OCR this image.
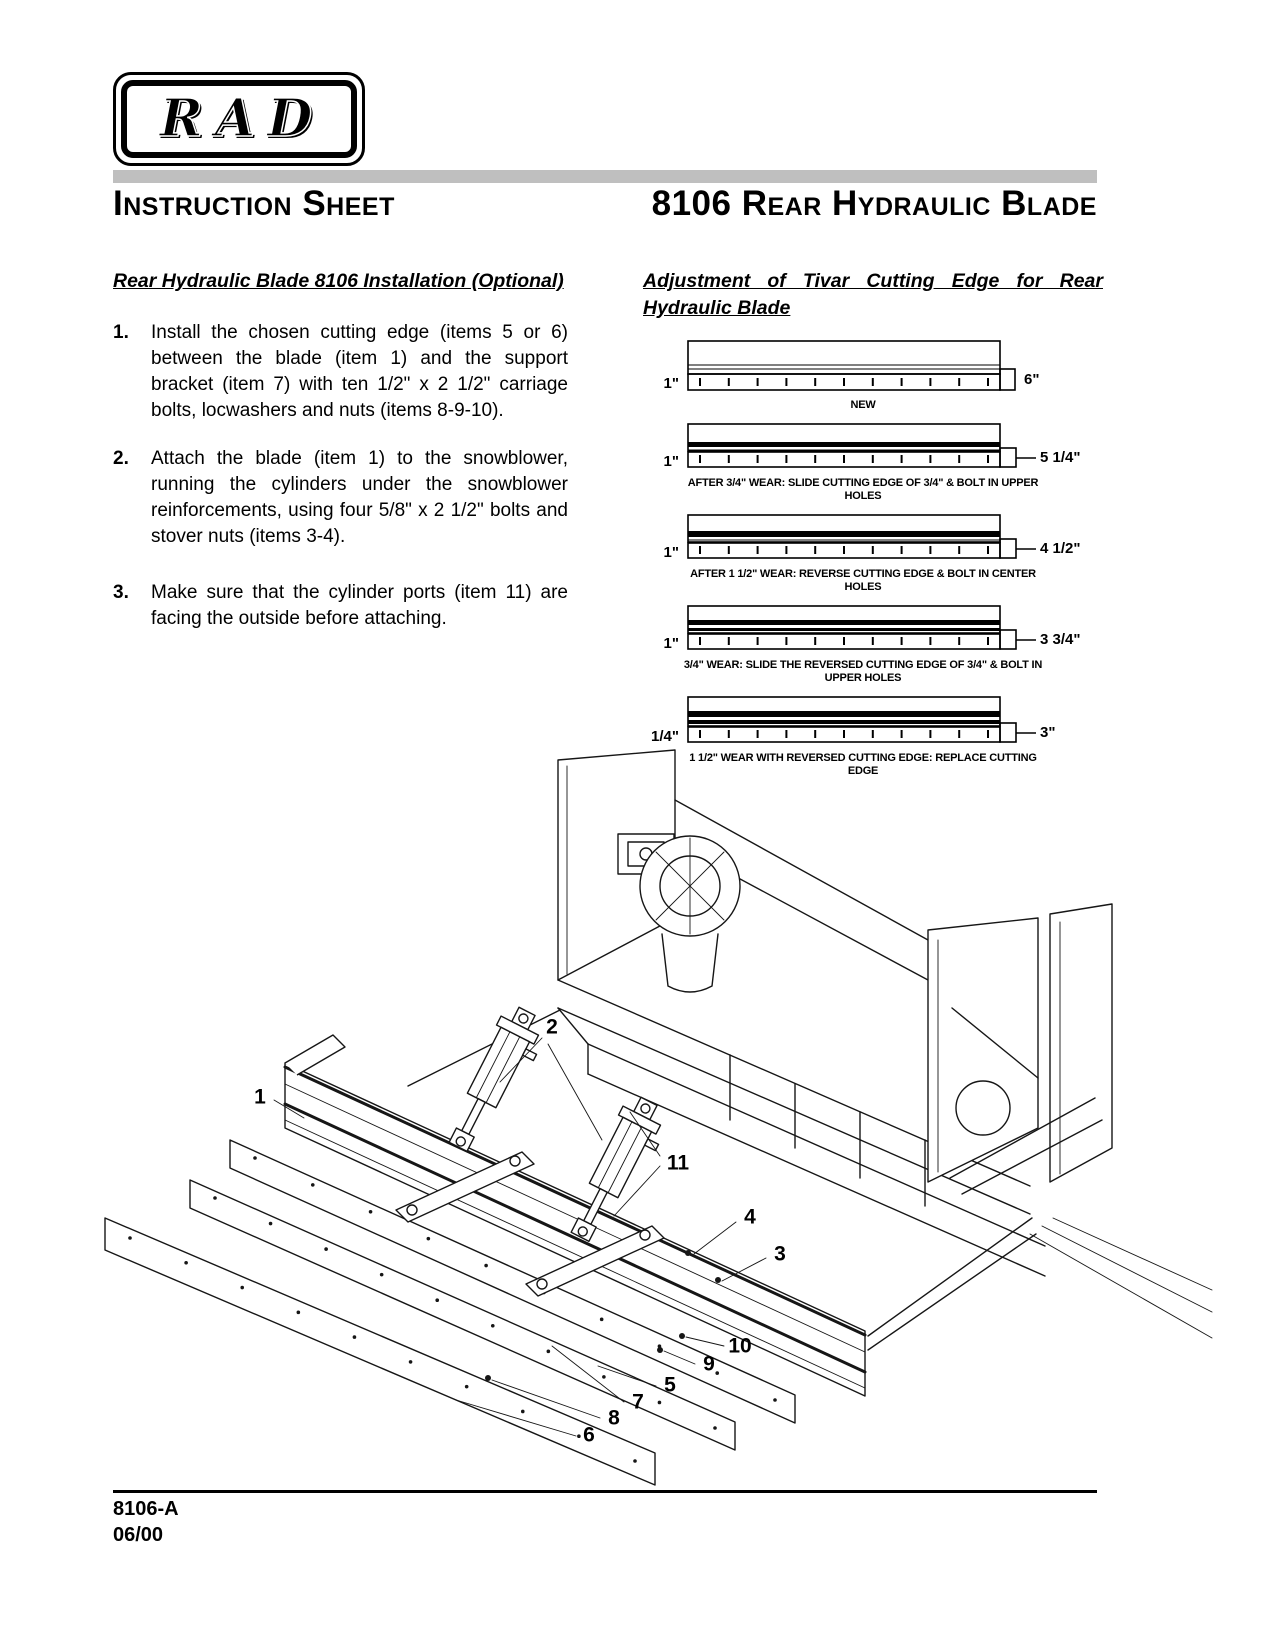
RAD
Instruction Sheet	8106 Rear Hydraulic Blade
Rear Hydraulic Blade 8106 Installation (Optional)
1.	Install the chosen cutting edge (items 5 or 6) between the blade (item 1) and the support bracket (item 7) with ten 1/2" x 2 1/2" carriage bolts, locwashers and nuts (items 8-9-10).
2.	Attach the blade (item 1) to the snowblower, running the cylinders under the snowblower reinforcements, using four 5/8" x 2 1/2" bolts and stover nuts (items 3-4).
3.	Make sure that the cylinder ports (item 11) are facing the outside before attaching.
Adjustment of Tivar Cutting Edge for Rear Hydraulic Blade
1"	6"
NEW
1"	5 1/4"
AFTER 3/4" WEAR: SLIDE CUTTING EDGE OF 3/4" & BOLT IN UPPER HOLES
1"	4 1/2"
AFTER 1 1/2" WEAR: REVERSE CUTTING EDGE & BOLT IN CENTER HOLES
1"	3 3/4"
3/4" WEAR: SLIDE THE REVERSED CUTTING EDGE OF 3/4" & BOLT IN UPPER HOLES
1/4"	3"
1 1/2" WEAR WITH REVERSED CUTTING EDGE: REPLACE CUTTING EDGE
1
2
11
4
3
10
9
5
7
8
6
8106-A
06/00
